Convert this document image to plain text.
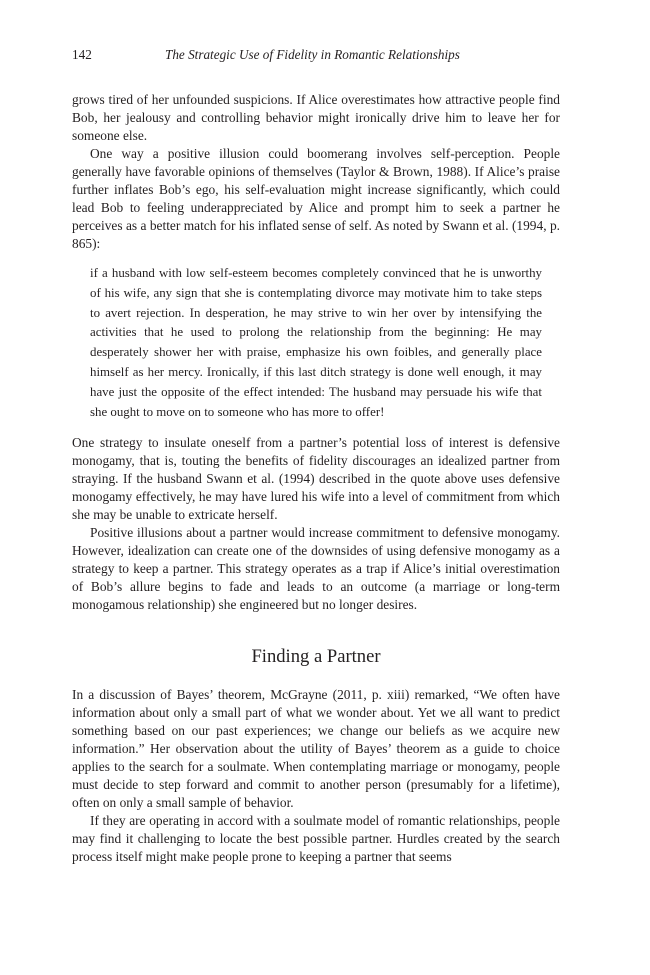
142	The Strategic Use of Fidelity in Romantic Relationships

grows tired of her unfounded suspicions. If Alice overestimates how attractive people find Bob, her jealousy and controlling behavior might ironically drive him to leave her for someone else.

One way a positive illusion could boomerang involves self-perception. People generally have favorable opinions of themselves (Taylor & Brown, 1988). If Alice’s praise further inflates Bob’s ego, his self-evaluation might increase significantly, which could lead Bob to feeling underappreciated by Alice and prompt him to seek a partner he perceives as a better match for his inflated sense of self. As noted by Swann et al. (1994, p. 865):

if a husband with low self-esteem becomes completely convinced that he is unworthy of his wife, any sign that she is contemplating divorce may motivate him to take steps to avert rejection. In desperation, he may strive to win her over by intensifying the activities that he used to prolong the relationship from the beginning: He may desperately shower her with praise, emphasize his own foibles, and generally place himself as her mercy. Ironically, if this last ditch strategy is done well enough, it may have just the opposite of the effect intended: The husband may persuade his wife that she ought to move on to someone who has more to offer!

One strategy to insulate oneself from a partner’s potential loss of interest is defensive monogamy, that is, touting the benefits of fidelity discourages an idealized partner from straying. If the husband Swann et al. (1994) described in the quote above uses defensive monogamy effectively, he may have lured his wife into a level of commitment from which she may be unable to extricate herself.

Positive illusions about a partner would increase commitment to defensive monogamy. However, idealization can create one of the downsides of using defensive monogamy as a strategy to keep a partner. This strategy operates as a trap if Alice’s initial overestimation of Bob’s allure begins to fade and leads to an outcome (a marriage or long-term monogamous relationship) she engineered but no longer desires.

Finding a Partner

In a discussion of Bayes’ theorem, McGrayne (2011, p. xiii) remarked, “We often have information about only a small part of what we wonder about. Yet we all want to predict something based on our past experiences; we change our beliefs as we acquire new information.” Her observation about the utility of Bayes’ theorem as a guide to choice applies to the search for a soulmate. When contemplating marriage or monogamy, people must decide to step forward and commit to another person (presumably for a lifetime), often on only a small sample of behavior.

If they are operating in accord with a soulmate model of romantic relationships, people may find it challenging to locate the best possible partner. Hurdles created by the search process itself might make people prone to keeping a partner that seems
